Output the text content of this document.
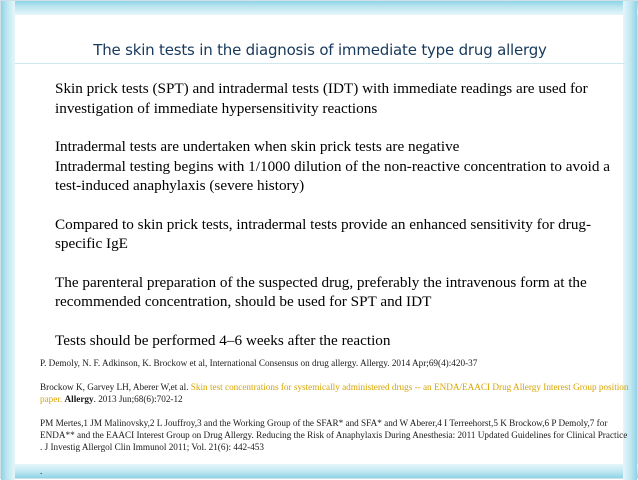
The skin tests in the diagnosis of immediate type drug allergy

Skin prick tests (SPT) and intradermal tests (IDT) with immediate readings are used for investigation of immediate hypersensitivity reactions

Intradermal tests are undertaken when skin prick tests are negative

Intradermal testing begins with 1/1000 dilution of the non-reactive concentration to avoid a test-induced anaphylaxis (severe history)

Compared to skin prick tests, intradermal tests provide an enhanced sensitivity for drug-specific IgE

The parenteral preparation of the suspected drug, preferably the intravenous form at the recommended concentration, should be used for SPT and IDT

Tests should be performed 4–6 weeks after the reaction

P. Demoly, N. F. Adkinson, K. Brockow et al, International Consensus on drug allergy. Allergy. 2014 Apr;69(4):420-37

Brockow K, Garvey LH, Aberer W,et al. Skin test concentrations for systemically administered drugs -- an ENDA/EAACI Drug Allergy Interest Group position paper. Allergy. 2013 Jun;68(6):702-12

PM Mertes,1 JM Malinovsky,2 L Jouffroy,3 and the Working Group of the SFAR* and SFA* and W Aberer,4 I Terreehorst,5 K Brockow,6 P Demoly,7 for ENDA** and the EAACI Interest Group on Drug Allergy. Reducing the Risk of Anaphylaxis During Anesthesia: 2011 Updated Guidelines for Clinical Practice . J Investig Allergol Clin Immunol 2011; Vol. 21(6): 442-453

.
